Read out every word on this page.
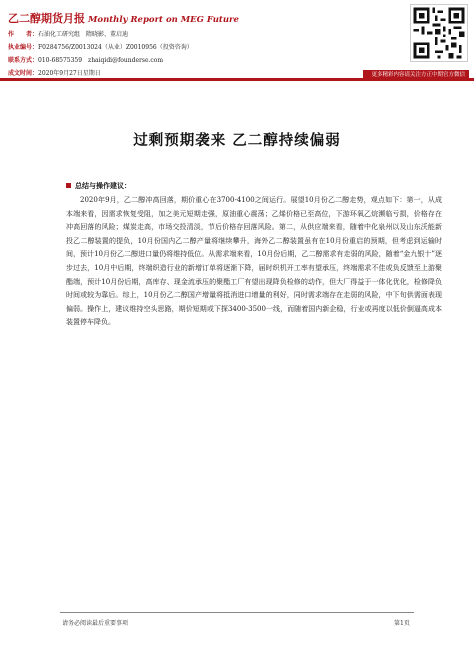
乙二醇期货月报 Monthly Report on MEG Future
作　　者：石油化工研究组　隋晓影、董启迪
执业编号：F0284756/Z0013024（从业）Z0010956（投资咨询）
联系方式：010-68575359　zhaiqidi@founderse.com
成文时间：2020年9月27日星期日	更多精彩内容请关注方正中期官方微信
过剩预期袭来 乙二醇持续偏弱
总结与操作建议：
2020年9月，乙二醇冲高回落，期价重心在3700-4100之间运行。展望10月份乙二醇走势，观点如下：第一，从成本端来看，因需求恢复受阻，加之美元短期走强，原油重心震荡；乙烯价格已至高位，下游环氧乙烷濒临亏损，价格存在冲高回落的风险；煤炭走高，市场交投清淡，节后价格存回落风险。第二，从供应端来看，随着中化泉州以及山东沃能新投乙二醇装置的提负，10月份国内乙二醇产量将继续攀升，海外乙二醇装置虽有在10月份重启的预期，但考虑到运输时间，预计10月份乙二醇进口量仍将维持低位。从需求端来看，10月份后期，乙二醇需求有走弱的风险，随着“金九银十”逐步过去，10月中后期，终端织造行业的新增订单将逐渐下降，届时织机开工率有望承压，终端需求不佳或负反馈至上游聚酯端，预计10月份后期，高库存、现金流承压的聚酯工厂有望出现降负检修的动作，但大厂得益于一体化优化，检修降负时间或较为靠后。综上，10月份乙二醇国产增量将抵消进口增量的利好，同时需求端存在走弱的风险，中下旬供需面表现偏弱。操作上，建议维持空头思路，期价短期或下探3400-3500一线，而随着国内新企稳，行业或再度以低价倒逼高成本装置停车降负。
请务必阅读最后重要事项	第1页
